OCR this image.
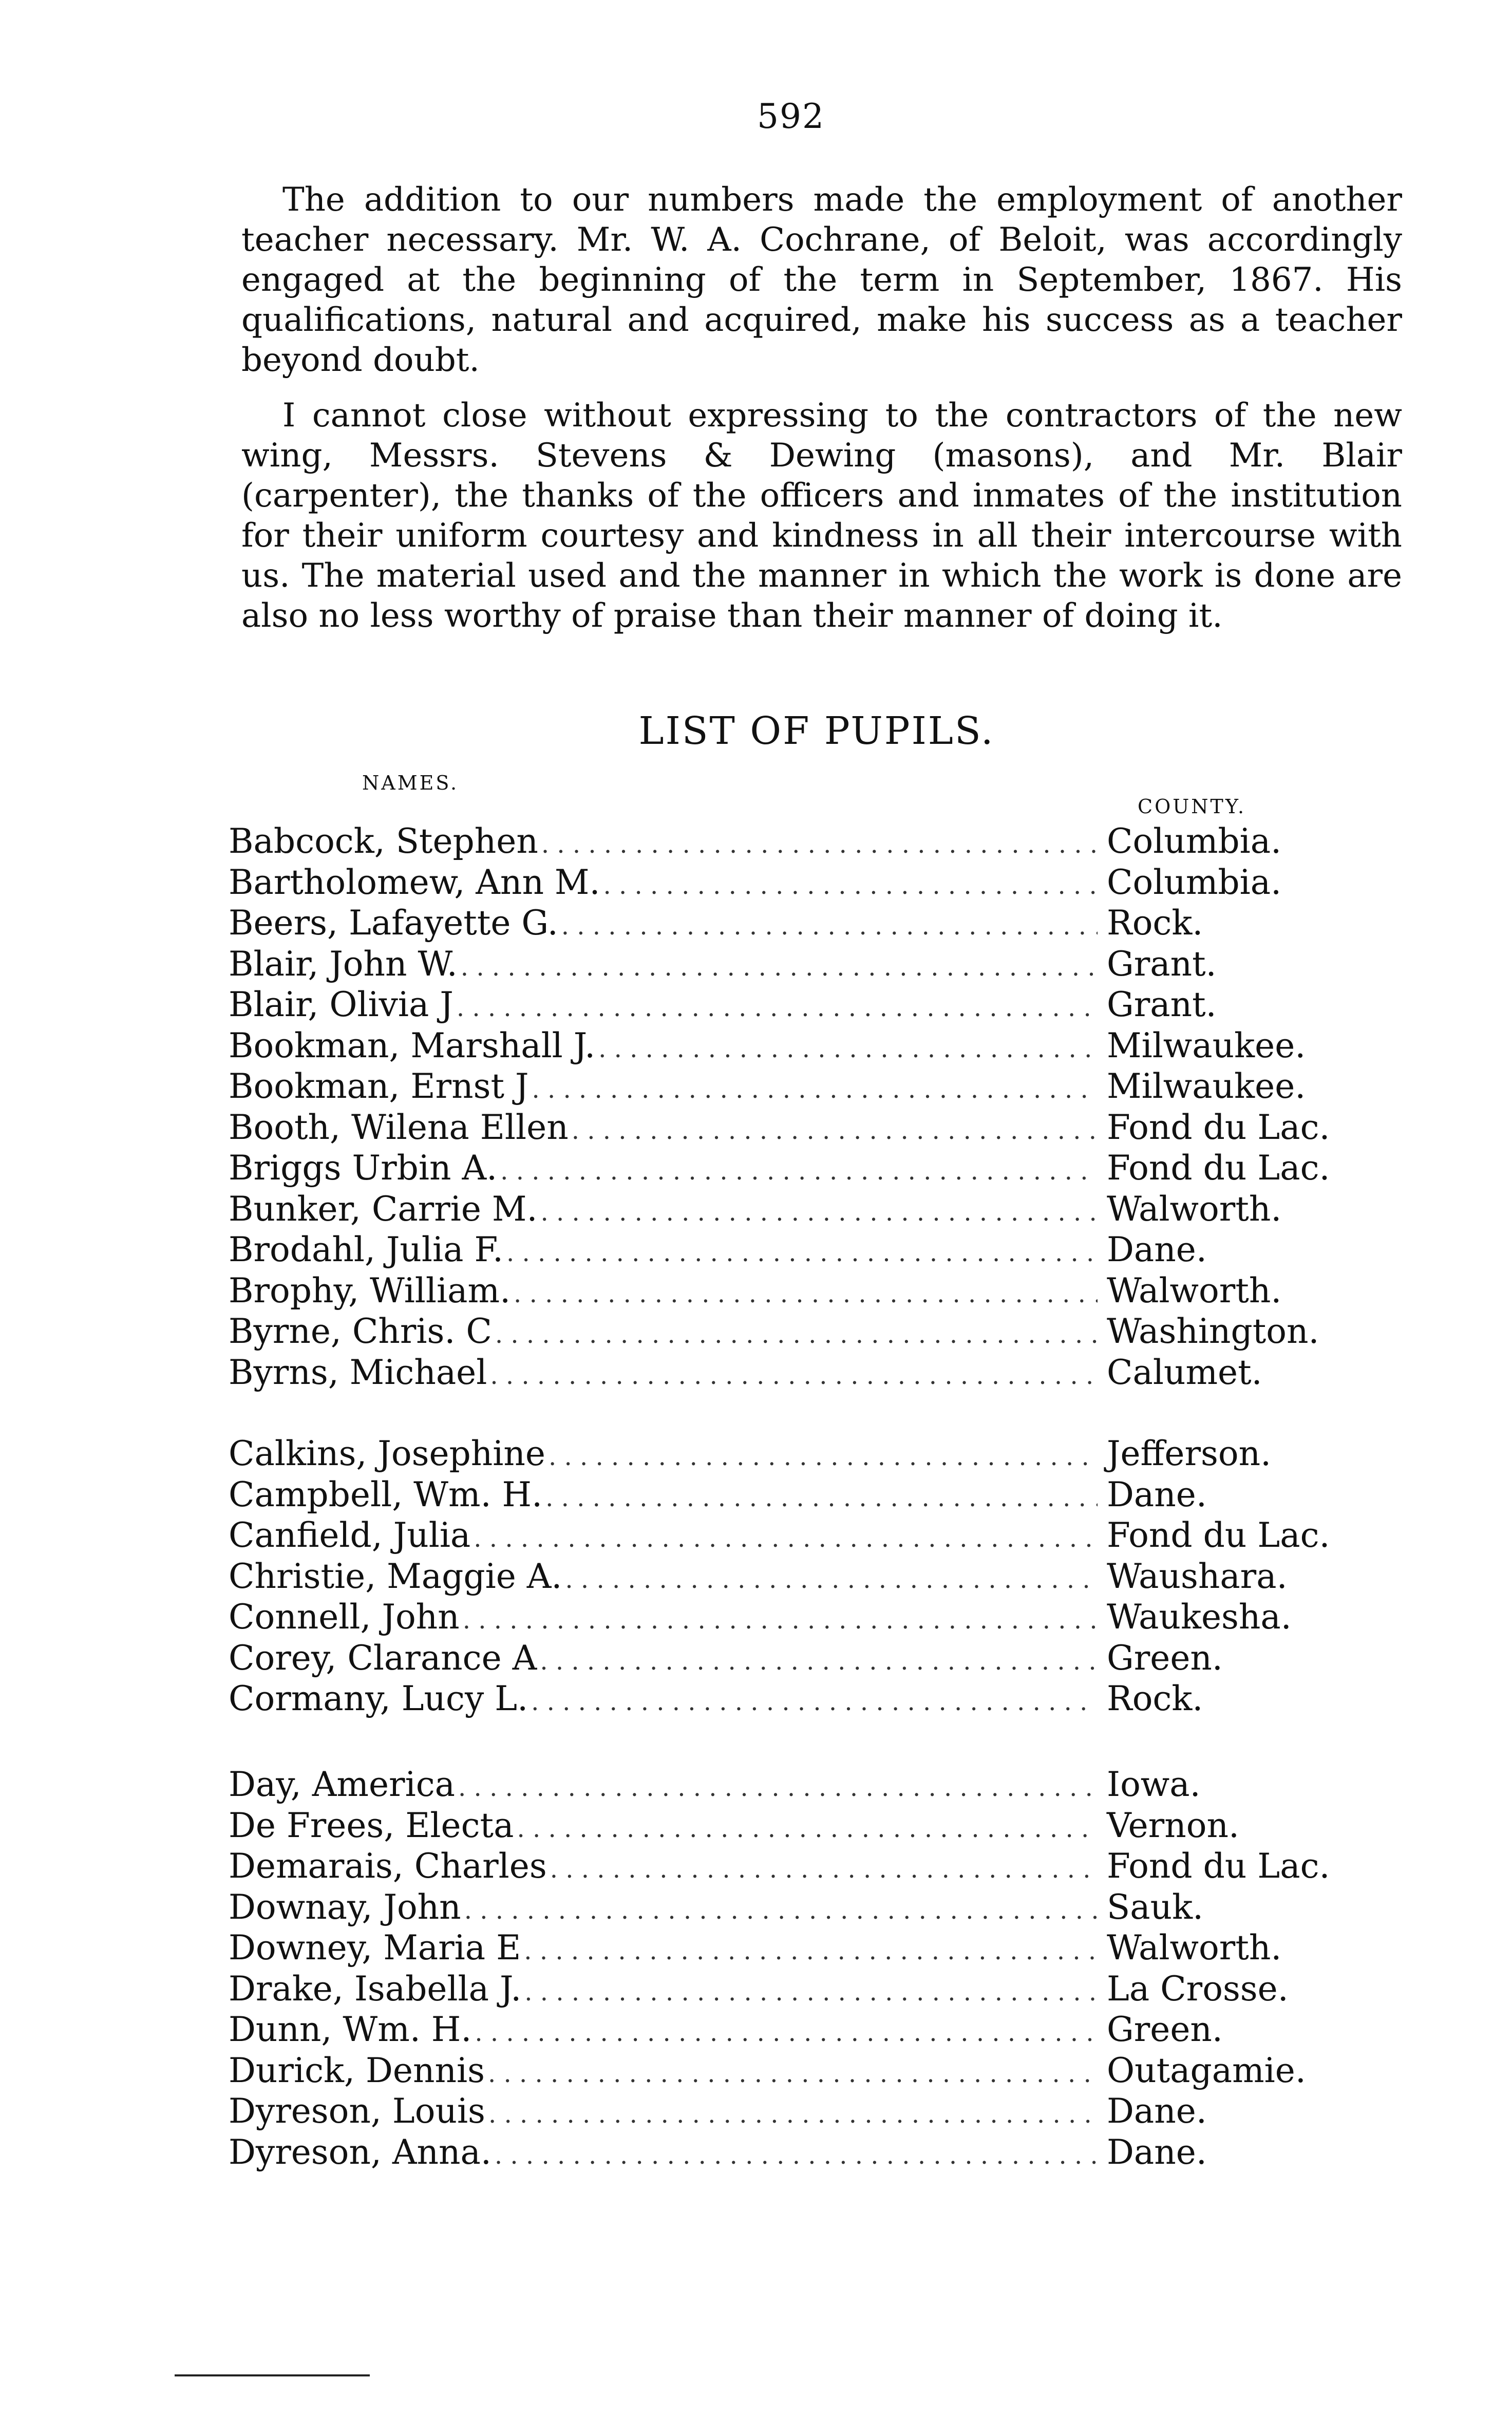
592

The addition to our numbers made the employment of another teacher necessary. Mr. W. A. Cochrane, of Beloit, was accordingly engaged at the beginning of the term in September, 1867. His qualifications, natural and acquired, make his success as a teacher beyond doubt.

I cannot close without expressing to the contractors of the new wing, Messrs. Stevens & Dewing (masons), and Mr. Blair (carpenter), the thanks of the officers and inmates of the institution for their uniform courtesy and kindness in all their intercourse with us. The material used and the manner in which the work is done are also no less worthy of praise than their manner of doing it.

LIST OF PUPILS.
NAMES.
COUNTY.
Babcock, Stephen . . .	Columbia.
Bartholomew, Ann M. . . .	Columbia.
Beers, Lafayette G. . . .	Rock.
Blair, John W. . . .	Grant.
Blair, Olivia J . . .	Grant.
Bookman, Marshall J. . . .	Milwaukee.
Bookman, Ernst J . . .	Milwaukee.
Booth, Wilena Ellen . . .	Fond du Lac.
Briggs Urbin A. . . .	Fond du Lac.
Bunker, Carrie M. . . .	Walworth.
Brodahl, Julia F. . . .	Dane.
Brophy, William. . . .	Walworth.
Byrne, Chris. C . . .	Washington.
Byrns, Michael . . .	Calumet.
Calkins, Josephine . . .	Jefferson.
Campbell, Wm. H. . . .	Dane.
Canfield, Julia . . .	Fond du Lac.
Christie, Maggie A. . . .	Waushara.
Connell, John . . .	Waukesha.
Corey, Clarance A . . .	Green.
Cormany, Lucy L. . . .	Rock.
Day, America . . .	Iowa.
De Frees, Electa . . .	Vernon.
Demarais, Charles . . .	Fond du Lac.
Downay, John . . .	Sauk.
Downey, Maria E . . .	Walworth.
Drake, Isabella J. . . .	La Crosse.
Dunn, Wm. H. . . .	Green.
Durick, Dennis . . .	Outagamie.
Dyreson, Louis . . .	Dane.
Dyreson, Anna. . . .	Dane.
